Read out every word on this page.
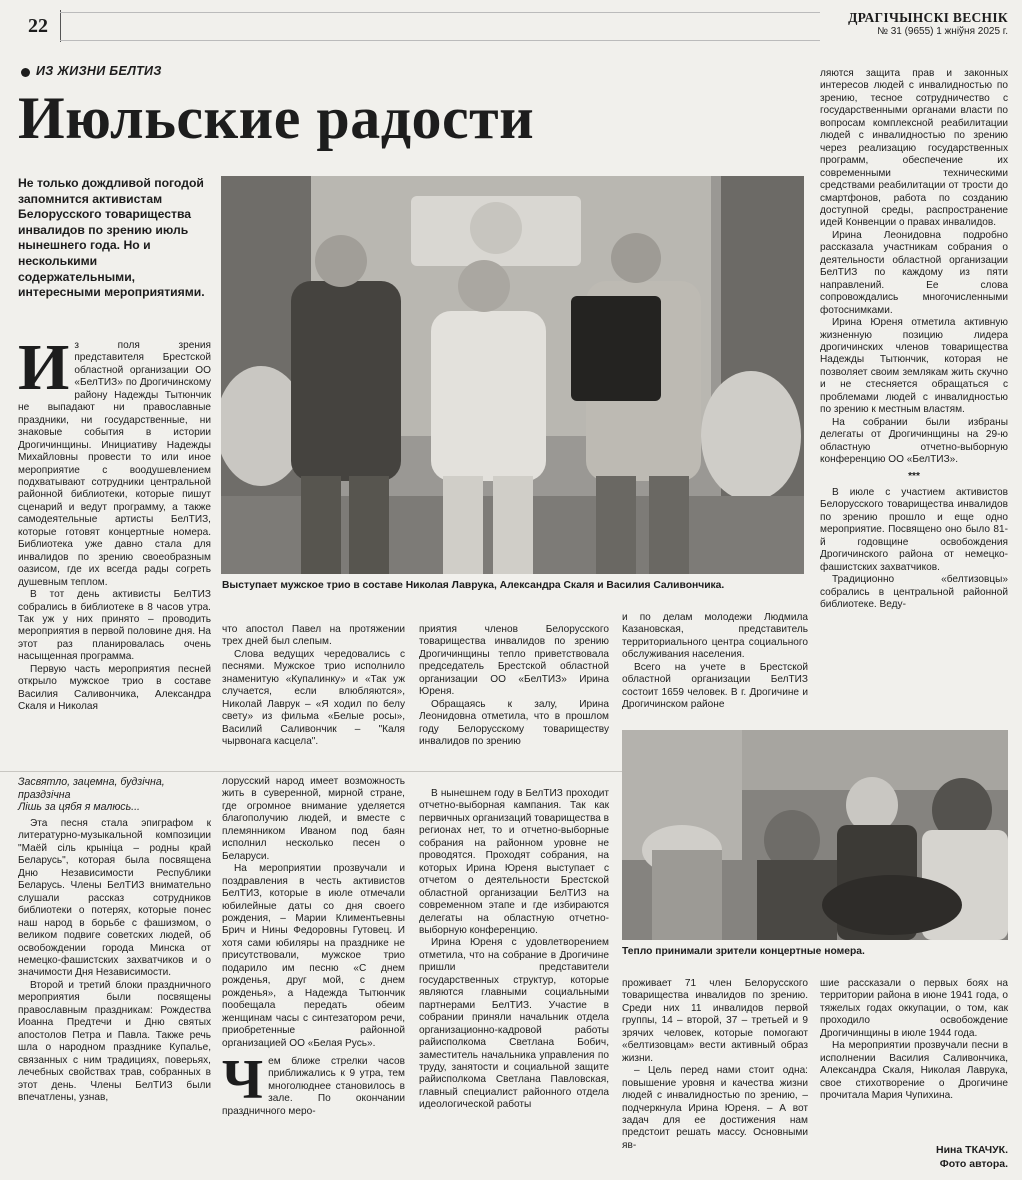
22	ДРАГІЧЫНСКІ ВЕСНІК
№ 31 (9655) 1 жніўня 2025 г.
ИЗ ЖИЗНИ БЕЛТИЗ
Июльские радости
Не только дождливой погодой запомнится активистам Белорусского товарищества инвалидов по зрению июль нынешнего года. Но и несколькими содержательными, интересными мероприятиями.
И з поля зрения представителя Брестской областной организации ОО «БелТИЗ» по Дрогичинскому району Надежды Тытюнчик не выпадают ни православные праздники, ни государственные, ни знаковые события в истории Дрогичинщины. Инициативу Надежды Михайловны провести то или иное мероприятие с воодушевлением подхватывают сотрудники центральной районной библиотеки, которые пишут сценарий и ведут программу, а также самодеятельные артисты БелТИЗ, которые готовят концертные номера. Библиотека уже давно стала для инвалидов по зрению своеобразным оазисом, где их всегда рады согреть душевным теплом.

В тот день активисты БелТИЗ собрались в библиотеке в 8 часов утра. Так уж у них принято – проводить мероприятия в первой половине дня. На этот раз планировалась очень насыщенная программа.

Первую часть мероприятия песней открыло мужское трио в составе Василия Саливончика, Александра Скаля и Николая

Выступает мужское трио в составе Николая Лаврука, Александра Скаля и Василия Саливончика.

что апостол Павел на протяжении трех дней был слепым.

Слова ведущих чередовались с песнями. Мужское трио исполнило знаменитую «Купалинку» и «Так уж случается, если влюбляются», Николай Лаврук – «Я ходил по белу свету» из фильма «Белые росы», Василий Саливончик – "Каля чырвонага касцела".

приятия членов Белорусского товарищества инвалидов по зрению Дрогичинщины тепло приветствовала председатель Брестской областной организации ОО «БелТИЗ» Ирина Юреня.

Обращаясь к залу, Ирина Леонидовна отметила, что в прошлом году Белорусскому товариществу инвалидов по зрению

и по делам молодежи Людмила Казановская, представитель территориального центра социального обслуживания населения.

Всего на учете в Брестской областной организации БелТИЗ состоит 1659 человек. В г. Дрогичине и Дрогичинском районе

ляются защита прав и законных интересов людей с инвалидностью по зрению, тесное сотрудничество с государственными органами власти по вопросам комплексной реабилитации людей с инвалидностью по зрению через реализацию государственных программ, обеспечение их современными техническими средствами реабилитации от трости до смартфонов, работа по созданию доступной среды, распространение идей Конвенции о правах инвалидов.

Ирина Леонидовна подробно рассказала участникам собрания о деятельности областной организации БелТИЗ по каждому из пяти направлений. Ее слова сопровождались многочисленными фотоснимками.

Ирина Юреня отметила активную жизненную позицию лидера дрогичинских членов товарищества Надежды Тытюнчик, которая не позволяет своим землякам жить скучно и не стесняется обращаться с проблемами людей с инвалидностью по зрению к местным властям.

На собрании были избраны делегаты от Дрогичинщины на 29-ю областную отчетно-выборную конференцию ОО «БелТИЗ».

***

В июле с участием активистов Белорусского товарищества инвалидов по зрению прошло и еще одно мероприятие. Посвящено оно было 81-й годовщине освобождения Дрогичинского района от немецко-фашистских захватчиков.

Традиционно «белтизовцы» собрались в центральной районной библиотеке. Веду-

Засвятло, зацемна, будзічна, праздзічна
Лішь за цябя я малюсь...

Эта песня стала эпиграфом к литературно-музыкальной композиции "Маёй сіль крыніца – родны край Беларусь", которая была посвящена Дню Независимости Республики Беларусь. Члены БелТИЗ внимательно слушали рассказ сотрудников библиотеки о потерях, которые понес наш народ в борьбе с фашизмом, о великом подвиге советских людей, об освобождении города Минска от немецко-фашистских захватчиков и о значимости Дня Независимости.

Второй и третий блоки праздничного мероприятия были посвящены православным праздникам: Рождества Иоанна Предтечи и Дню святых апостолов Петра и Павла. Также речь шла о народном празднике Купалье, связанных с ним традициях, поверьях, лечебных свойствах трав, собранных в этот день. Члены БелТИЗ были впечатлены, узнав,

лорусский народ имеет возможность жить в суверенной, мирной стране, где огромное внимание уделяется благополучию людей, и вместе с племянником Иваном под баян исполнил несколько песен о Беларуси.

На мероприятии прозвучали и поздравления в честь активистов БелТИЗ, которые в июле отмечали юбилейные даты со дня своего рождения, – Марии Климентьевны Брич и Нины Федоровны Гутовец. И хотя сами юбиляры на празднике не присутствовали, мужское трио подарило им песню «С днем рожденья, друг мой, с днем рожденья», а Надежда Тытюнчик пообещала передать обеим женщинам часы с синтезатором речи, приобретенные районной организацией ОО «Белая Русь».

Ч ем ближе стрелки часов приближались к 9 утра, тем многолюднее становилось в зале. По окончании праздничного меро-

В нынешнем году в БелТИЗ проходит отчетно-выборная кампания. Так как первичных организаций товарищества в регионах нет, то и отчетно-выборные собрания на районном уровне не проводятся. Проходят собрания, на которых Ирина Юреня выступает с отчетом о деятельности Брестской областной организации БелТИЗ на современном этапе и где избираются делегаты на областную отчетно-выборную конференцию.

Ирина Юреня с удовлетворением отметила, что на собрание в Дрогичине пришли представители государственных структур, которые являются главными социальными партнерами БелТИЗ. Участие в собрании приняли начальник отдела организационно-кадровой работы райисполкома Светлана Бобич, заместитель начальника управления по труду, занятости и социальной защите райисполкома Светлана Павловская, главный специалист районного отдела идеологической работы

Тепло принимали зрители концертные номера.

проживает 71 член Белорусского товарищества инвалидов по зрению. Среди них 11 инвалидов первой группы, 14 – второй, 37 – третьей и 9 зрячих человек, которые помогают «белтизовцам» вести активный образ жизни.

– Цель перед нами стоит одна: повышение уровня и качества жизни людей с инвалидностью по зрению, – подчеркнула Ирина Юреня. – А вот задач для ее достижения нам предстоит решать массу. Основными яв-

шие рассказали о первых боях на территории района в июне 1941 года, о тяжелых годах оккупации, о том, как проходило освобождение Дрогичинщины в июле 1944 года.

На мероприятии прозвучали песни в исполнении Василия Саливончика, Александра Скаля, Николая Лаврука, свое стихотворение о Дрогичине прочитала Мария Чупихина.

Нина ТКАЧУК.
Фото автора.
